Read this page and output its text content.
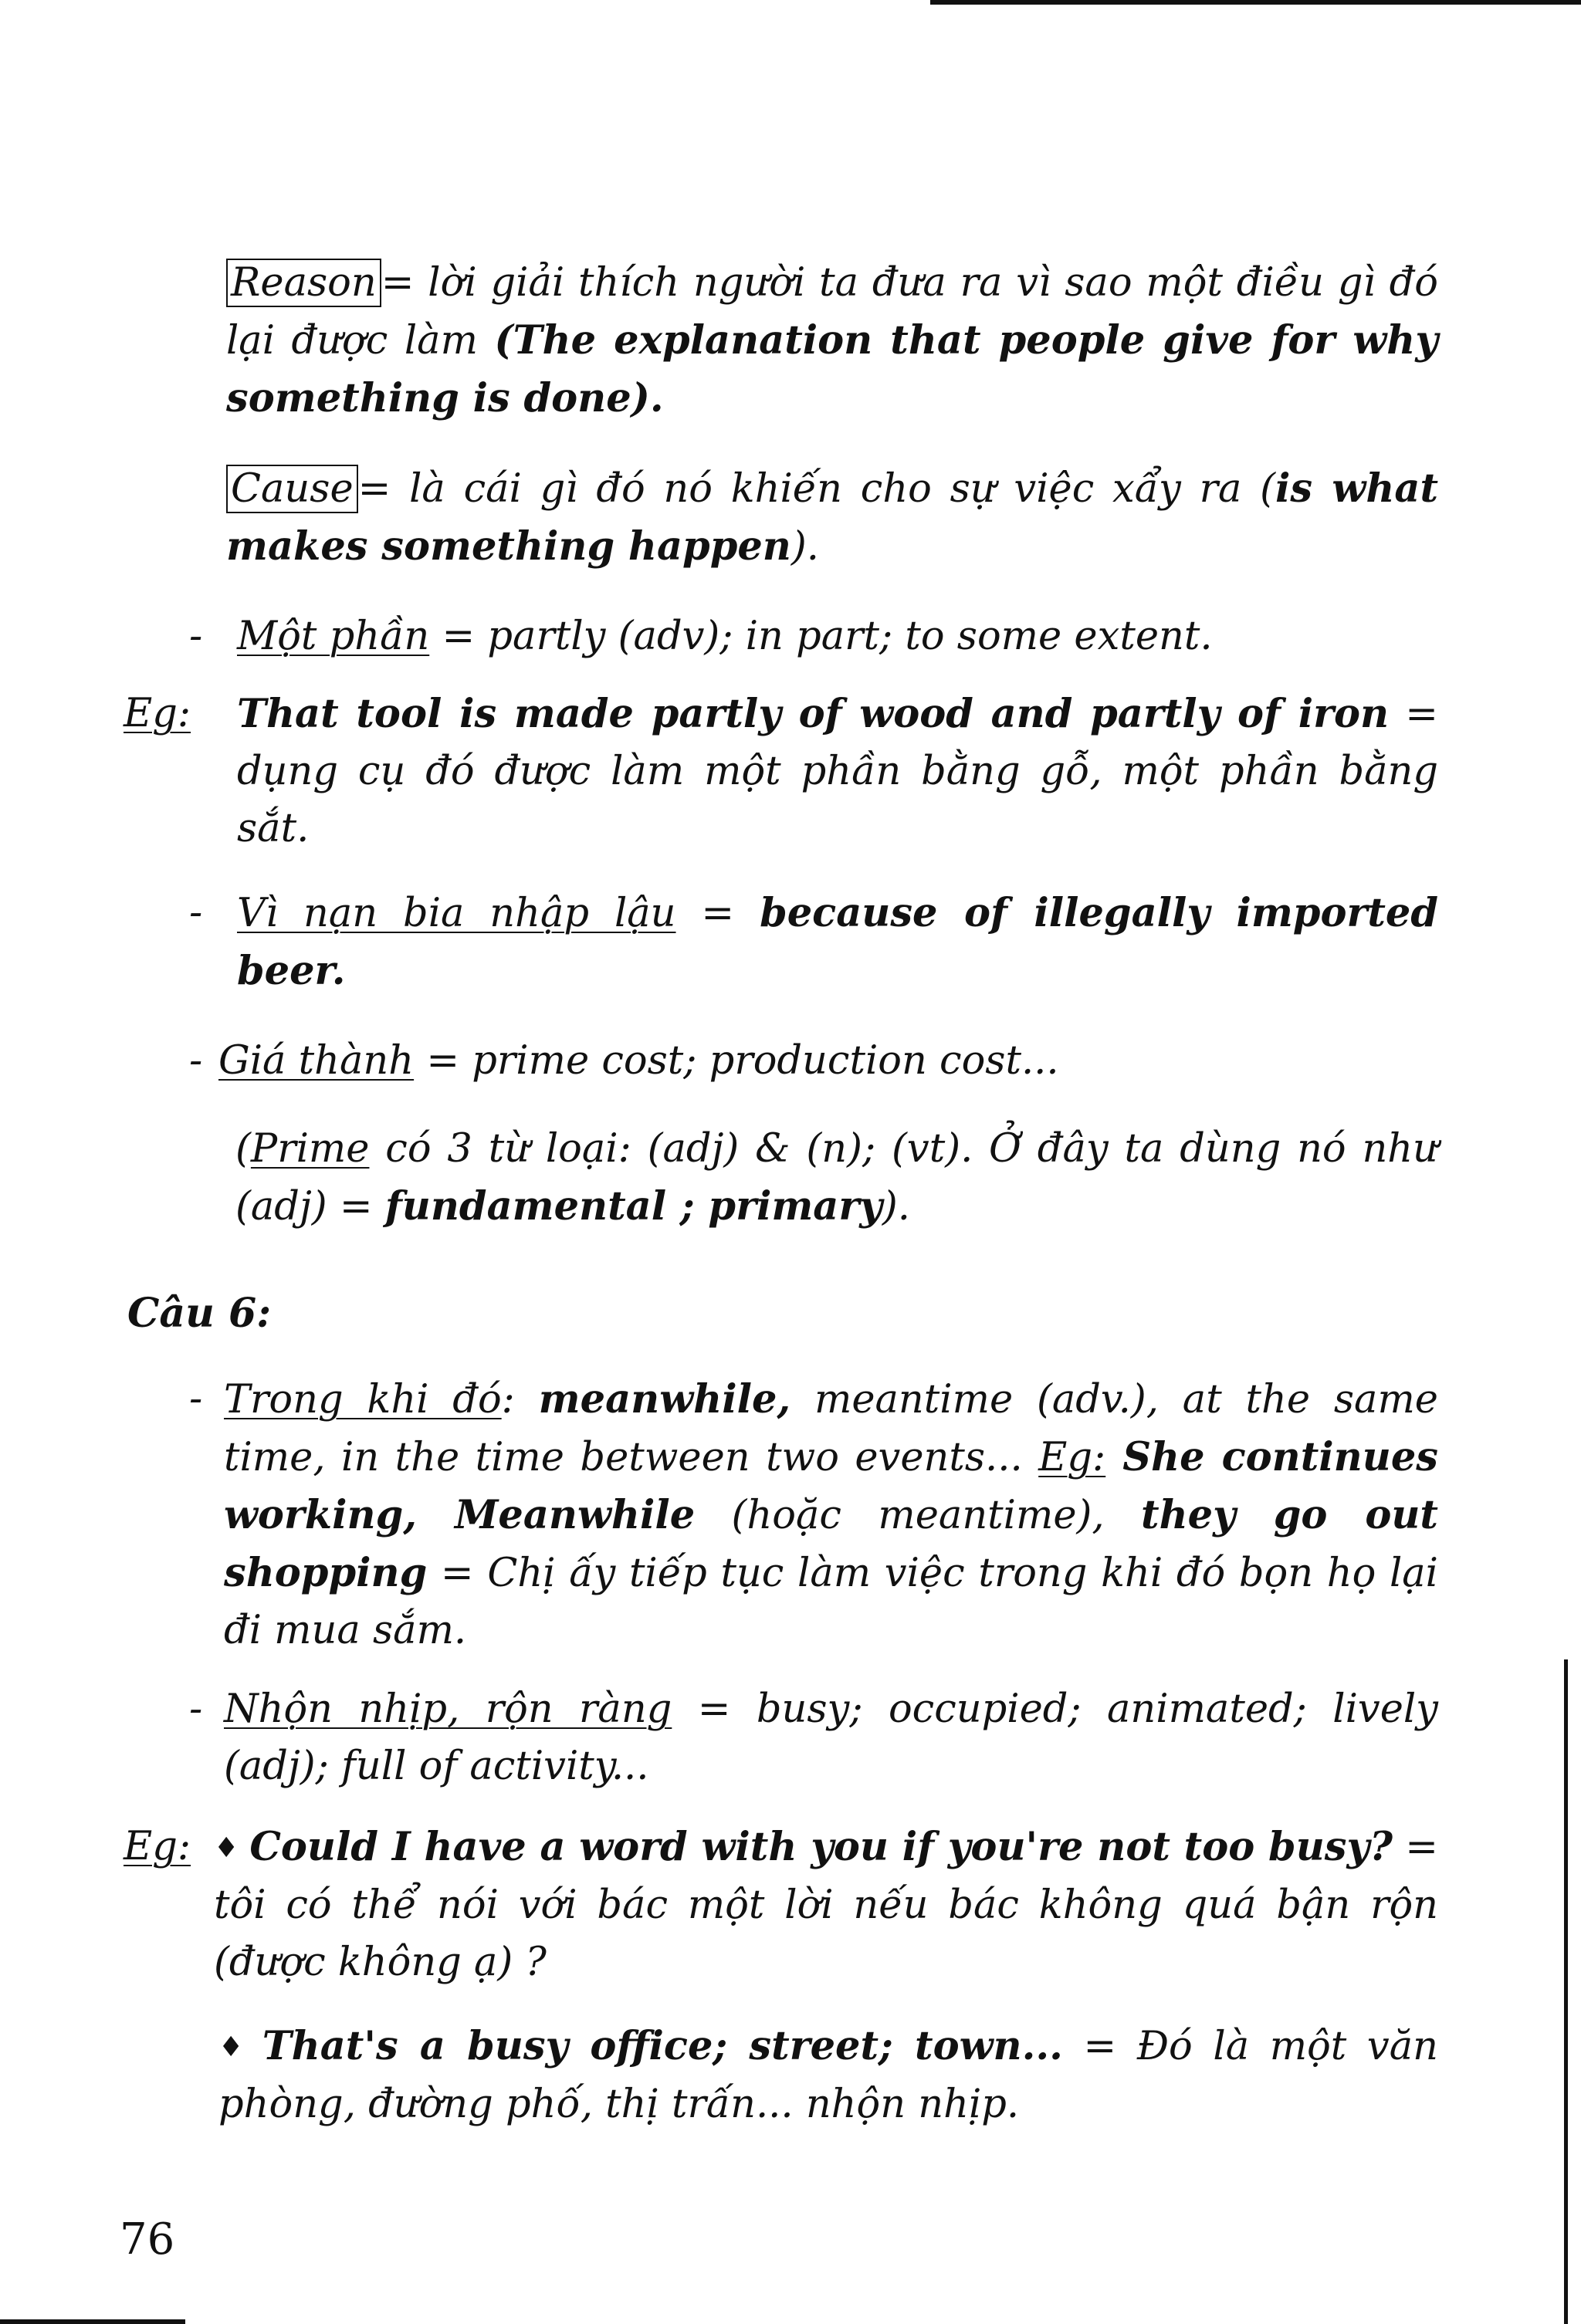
Reason = lời giải thích người ta đưa ra vì sao một điều gì đó lại được làm (The explanation that people give for why something is done).

Cause = là cái gì đó nó khiến cho sự việc xẩy ra (is what makes something happen).

- Một phần = partly (adv); in part; to some extent.

Eg: That tool is made partly of wood and partly of iron = dụng cụ đó được làm một phần bằng gỗ, một phần bằng sắt.

- Vì nạn bia nhập lậu = because of illegally imported beer.

- Giá thành = prime cost; production cost...

(Prime có 3 từ loại: (adj) & (n); (vt). Ở đây ta dùng nó như (adj) = fundamental ; primary).

Câu 6:
- Trong khi đó: meanwhile, meantime (adv.), at the same time, in the time between two events... Eg: She continues working, Meanwhile (hoặc meantime), they go out shopping = Chị ấy tiếp tục làm việc trong khi đó bọn họ lại đi mua sắm.

- Nhộn nhịp, rộn ràng = busy; occupied; animated; lively (adj); full of activity...

Eg: ♦ Could I have a word with you if you're not too busy? = tôi có thể nói với bác một lời nếu bác không quá bận rộn (được không ạ) ?

♦ That's a busy office; street; town... = Đó là một văn phòng, đường phố, thị trấn... nhộn nhịp.

76
